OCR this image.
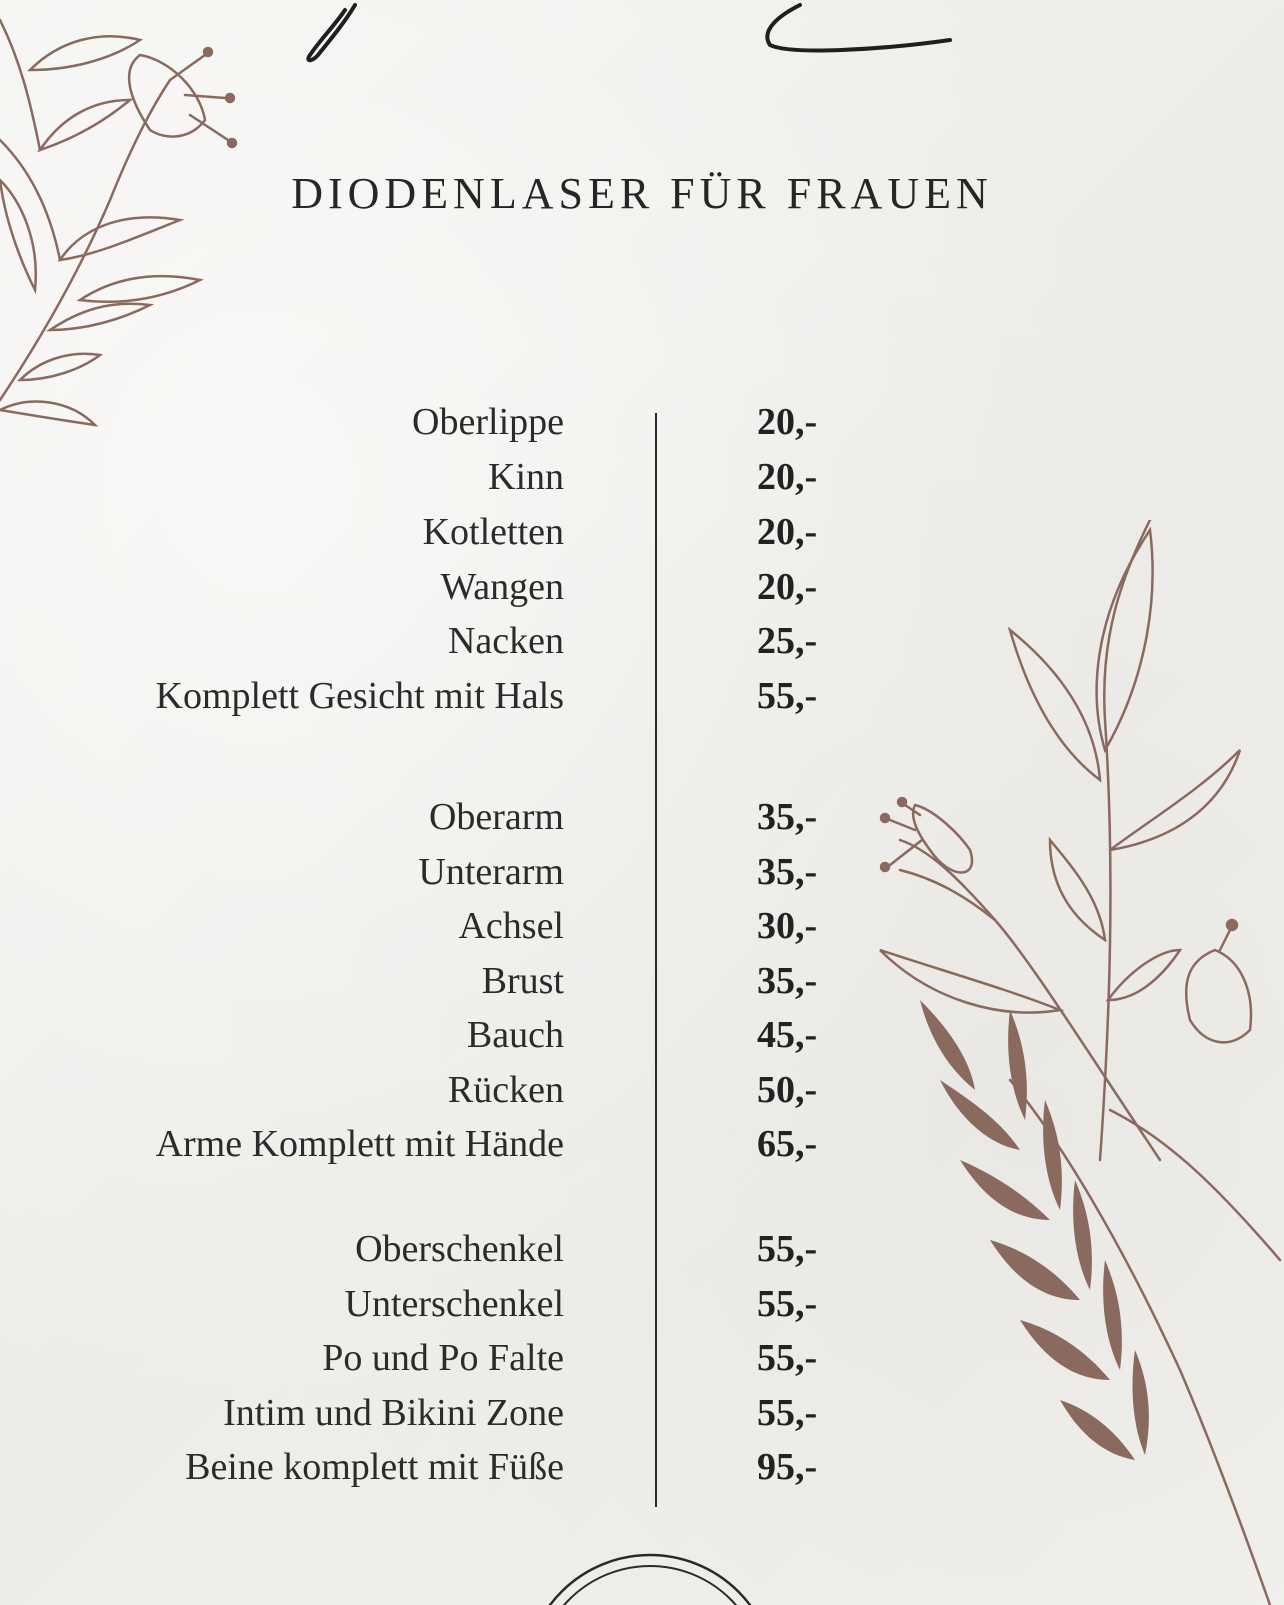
DIODENLASER FÜR FRAUEN
Oberlippe	20,-
Kinn	20,-
Kotletten	20,-
Wangen	20,-
Nacken	25,-
Komplett Gesicht mit Hals	55,-
Oberarm	35,-
Unterarm	35,-
Achsel	30,-
Brust	35,-
Bauch	45,-
Rücken	50,-
Arme Komplett mit Hände	65,-
Oberschenkel	55,-
Unterschenkel	55,-
Po und Po Falte	55,-
Intim und Bikini Zone	55,-
Beine komplett mit Füße	95,-
